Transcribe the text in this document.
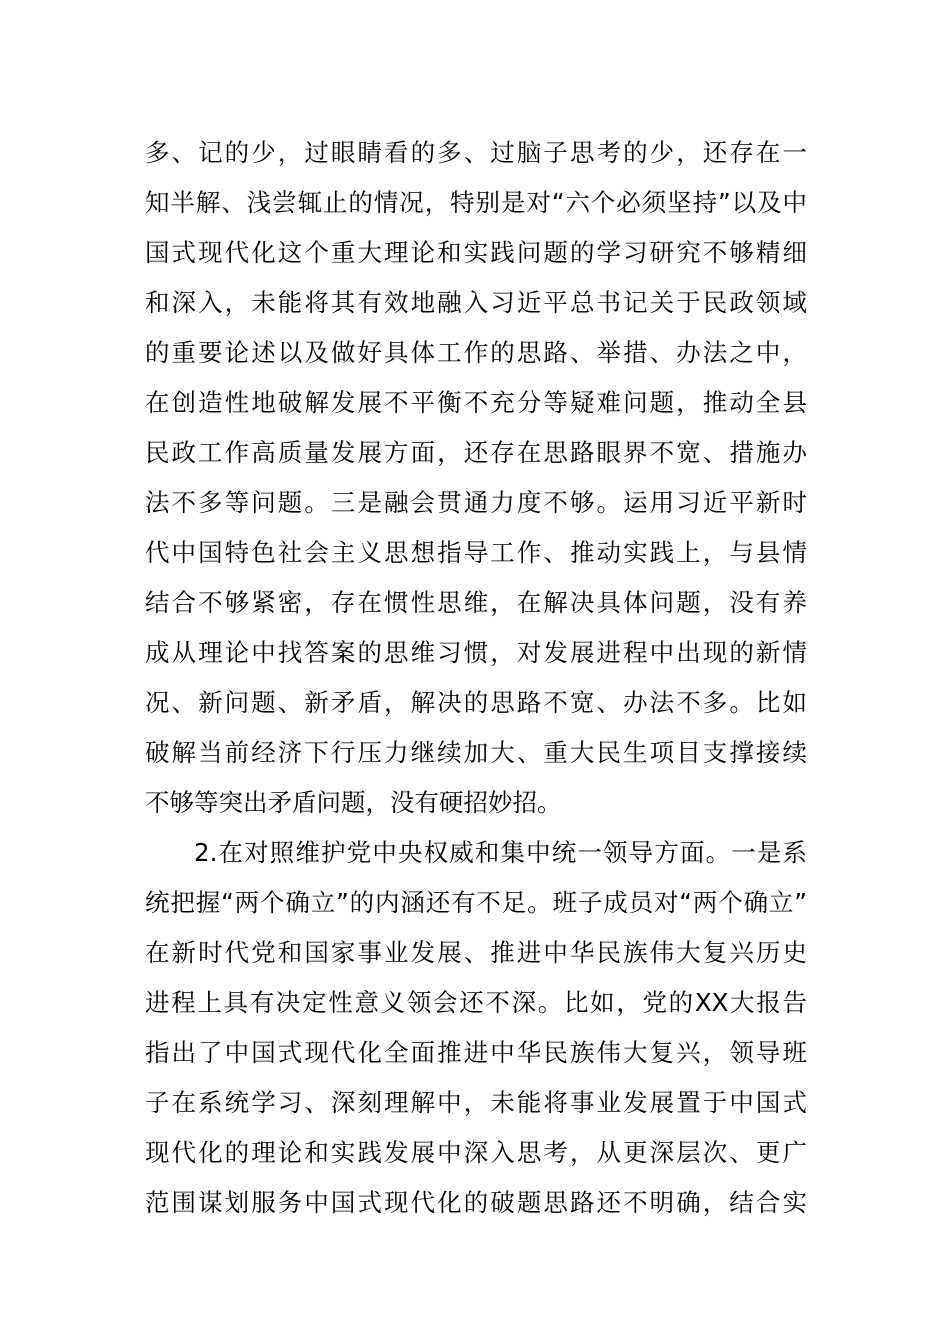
多、记的少，过眼睛看的多、过脑子思考的少，还存在一
知半解、浅尝辄止的情况，特别是对“六个必须坚持”以及中
国式现代化这个重大理论和实践问题的学习研究不够精细
和深入，未能将其有效地融入习近平总书记关于民政领域
的重要论述以及做好具体工作的思路、举措、办法之中，
在创造性地破解发展不平衡不充分等疑难问题，推动全县
民政工作高质量发展方面，还存在思路眼界不宽、措施办
法不多等问题。三是融会贯通力度不够。运用习近平新时
代中国特色社会主义思想指导工作、推动实践上，与县情
结合不够紧密，存在惯性思维，在解决具体问题，没有养
成从理论中找答案的思维习惯，对发展进程中出现的新情
况、新问题、新矛盾，解决的思路不宽、办法不多。比如
破解当前经济下行压力继续加大、重大民生项目支撑接续
不够等突出矛盾问题，没有硬招妙招。
2.在对照维护党中央权威和集中统一领导方面。一是系
统把握“两个确立”的内涵还有不足。班子成员对“两个确立”
在新时代党和国家事业发展、推进中华民族伟大复兴历史
进程上具有决定性意义领会还不深。比如，党的XX大报告
指出了中国式现代化全面推进中华民族伟大复兴，领导班
子在系统学习、深刻理解中，未能将事业发展置于中国式
现代化的理论和实践发展中深入思考，从更深层次、更广
范围谋划服务中国式现代化的破题思路还不明确，结合实
